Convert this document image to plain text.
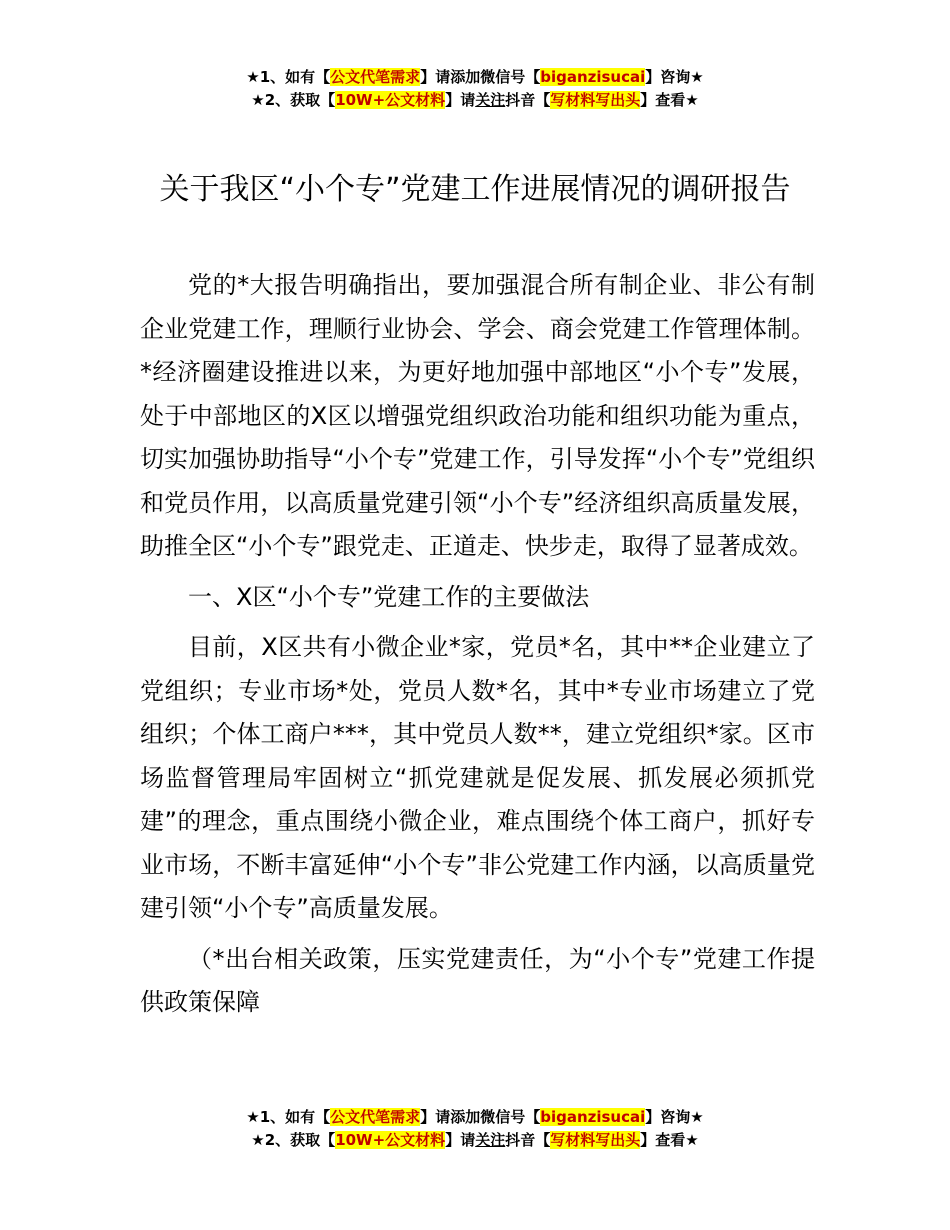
★1、如有【公文代笔需求】请添加微信号【biganzisucai】咨询★
★2、获取【10W+公文材料】请关注抖音【写材料写出头】查看★
关于我区“小个专”党建工作进展情况的调研报告

党的*大报告明确指出，要加强混合所有制企业、非公有制企业党建工作，理顺行业协会、学会、商会党建工作管理体制。*经济圈建设推进以来，为更好地加强中部地区“小个专”发展，处于中部地区的X区以增强党组织政治功能和组织功能为重点，切实加强协助指导“小个专”党建工作，引导发挥“小个专”党组织和党员作用，以高质量党建引领“小个专”经济组织高质量发展，助推全区“小个专”跟党走、正道走、快步走，取得了显著成效。

一、X区“小个专”党建工作的主要做法

目前，X区共有小微企业*家，党员*名，其中**企业建立了党组织；专业市场*处，党员人数*名，其中*专业市场建立了党组织；个体工商户***，其中党员人数**，建立党组织*家。区市场监督管理局牢固树立“抓党建就是促发展、抓发展必须抓党建”的理念，重点围绕小微企业，难点围绕个体工商户，抓好专业市场，不断丰富延伸“小个专”非公党建工作内涵，以高质量党建引领“小个专”高质量发展。

（*出台相关政策，压实党建责任，为“小个专”党建工作提供政策保障

★1、如有【公文代笔需求】请添加微信号【biganzisucai】咨询★
★2、获取【10W+公文材料】请关注抖音【写材料写出头】查看★
